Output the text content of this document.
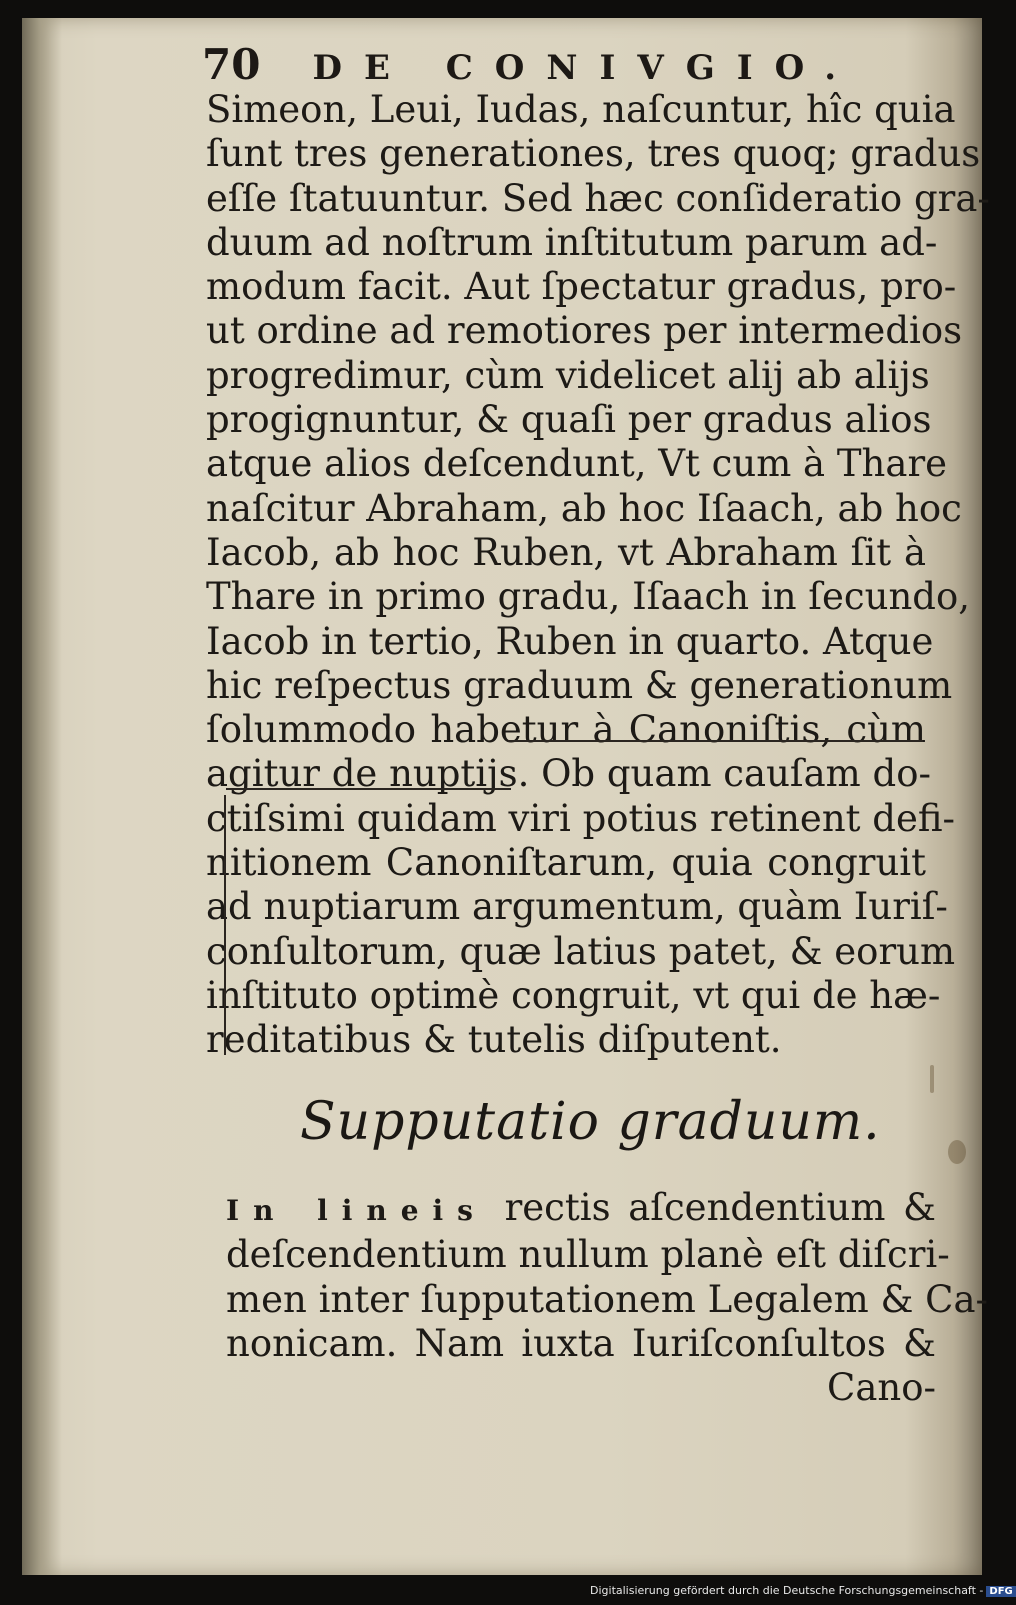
70 DE CONIVGIO.
Simeon, Leui, Iudas, naſcuntur, hîc quia
ſunt tres generationes, tres quoq; gradus
eſſe ſtatuuntur. Sed hæc conſideratio gra-
duum ad noſtrum inſtitutum parum ad-
modum facit. Aut ſpectatur gradus, pro-
ut ordine ad remotiores per intermedios
progredimur, cùm videlicet alij ab alijs
progignuntur, & quaſi per gradus alios
atque alios deſcendunt, Vt cum à Thare
naſcitur Abraham, ab hoc Iſaach, ab hoc
Iacob, ab hoc Ruben, vt Abraham ſit à
Thare in primo gradu, Iſaach in ſecundo,
Iacob in tertio, Ruben in quarto. Atque
hic reſpectus graduum & generationum
ſolummodo habetur à Canoniſtis, cùm
agitur de nuptijs. Ob quam cauſam do-
ctiſsimi quidam viri potius retinent defi-
nitionem Canoniſtarum, quia congruit
ad nuptiarum argumentum, quàm Iuriſ-
conſultorum, quæ latius patet, & eorum
inſtituto optimè congruit, vt qui de hæ-
reditatibus & tutelis diſputent.
Supputatio graduum.
In lineis rectis aſcendentium &
deſcendentium nullum planè eſt diſcri-
men inter ſupputationem Legalem & Ca-
nonicam. Nam iuxta Iuriſconſultos &
Cano-
Digitalisierung gefördert durch die Deutsche Forschungsgemeinschaft - DFG
